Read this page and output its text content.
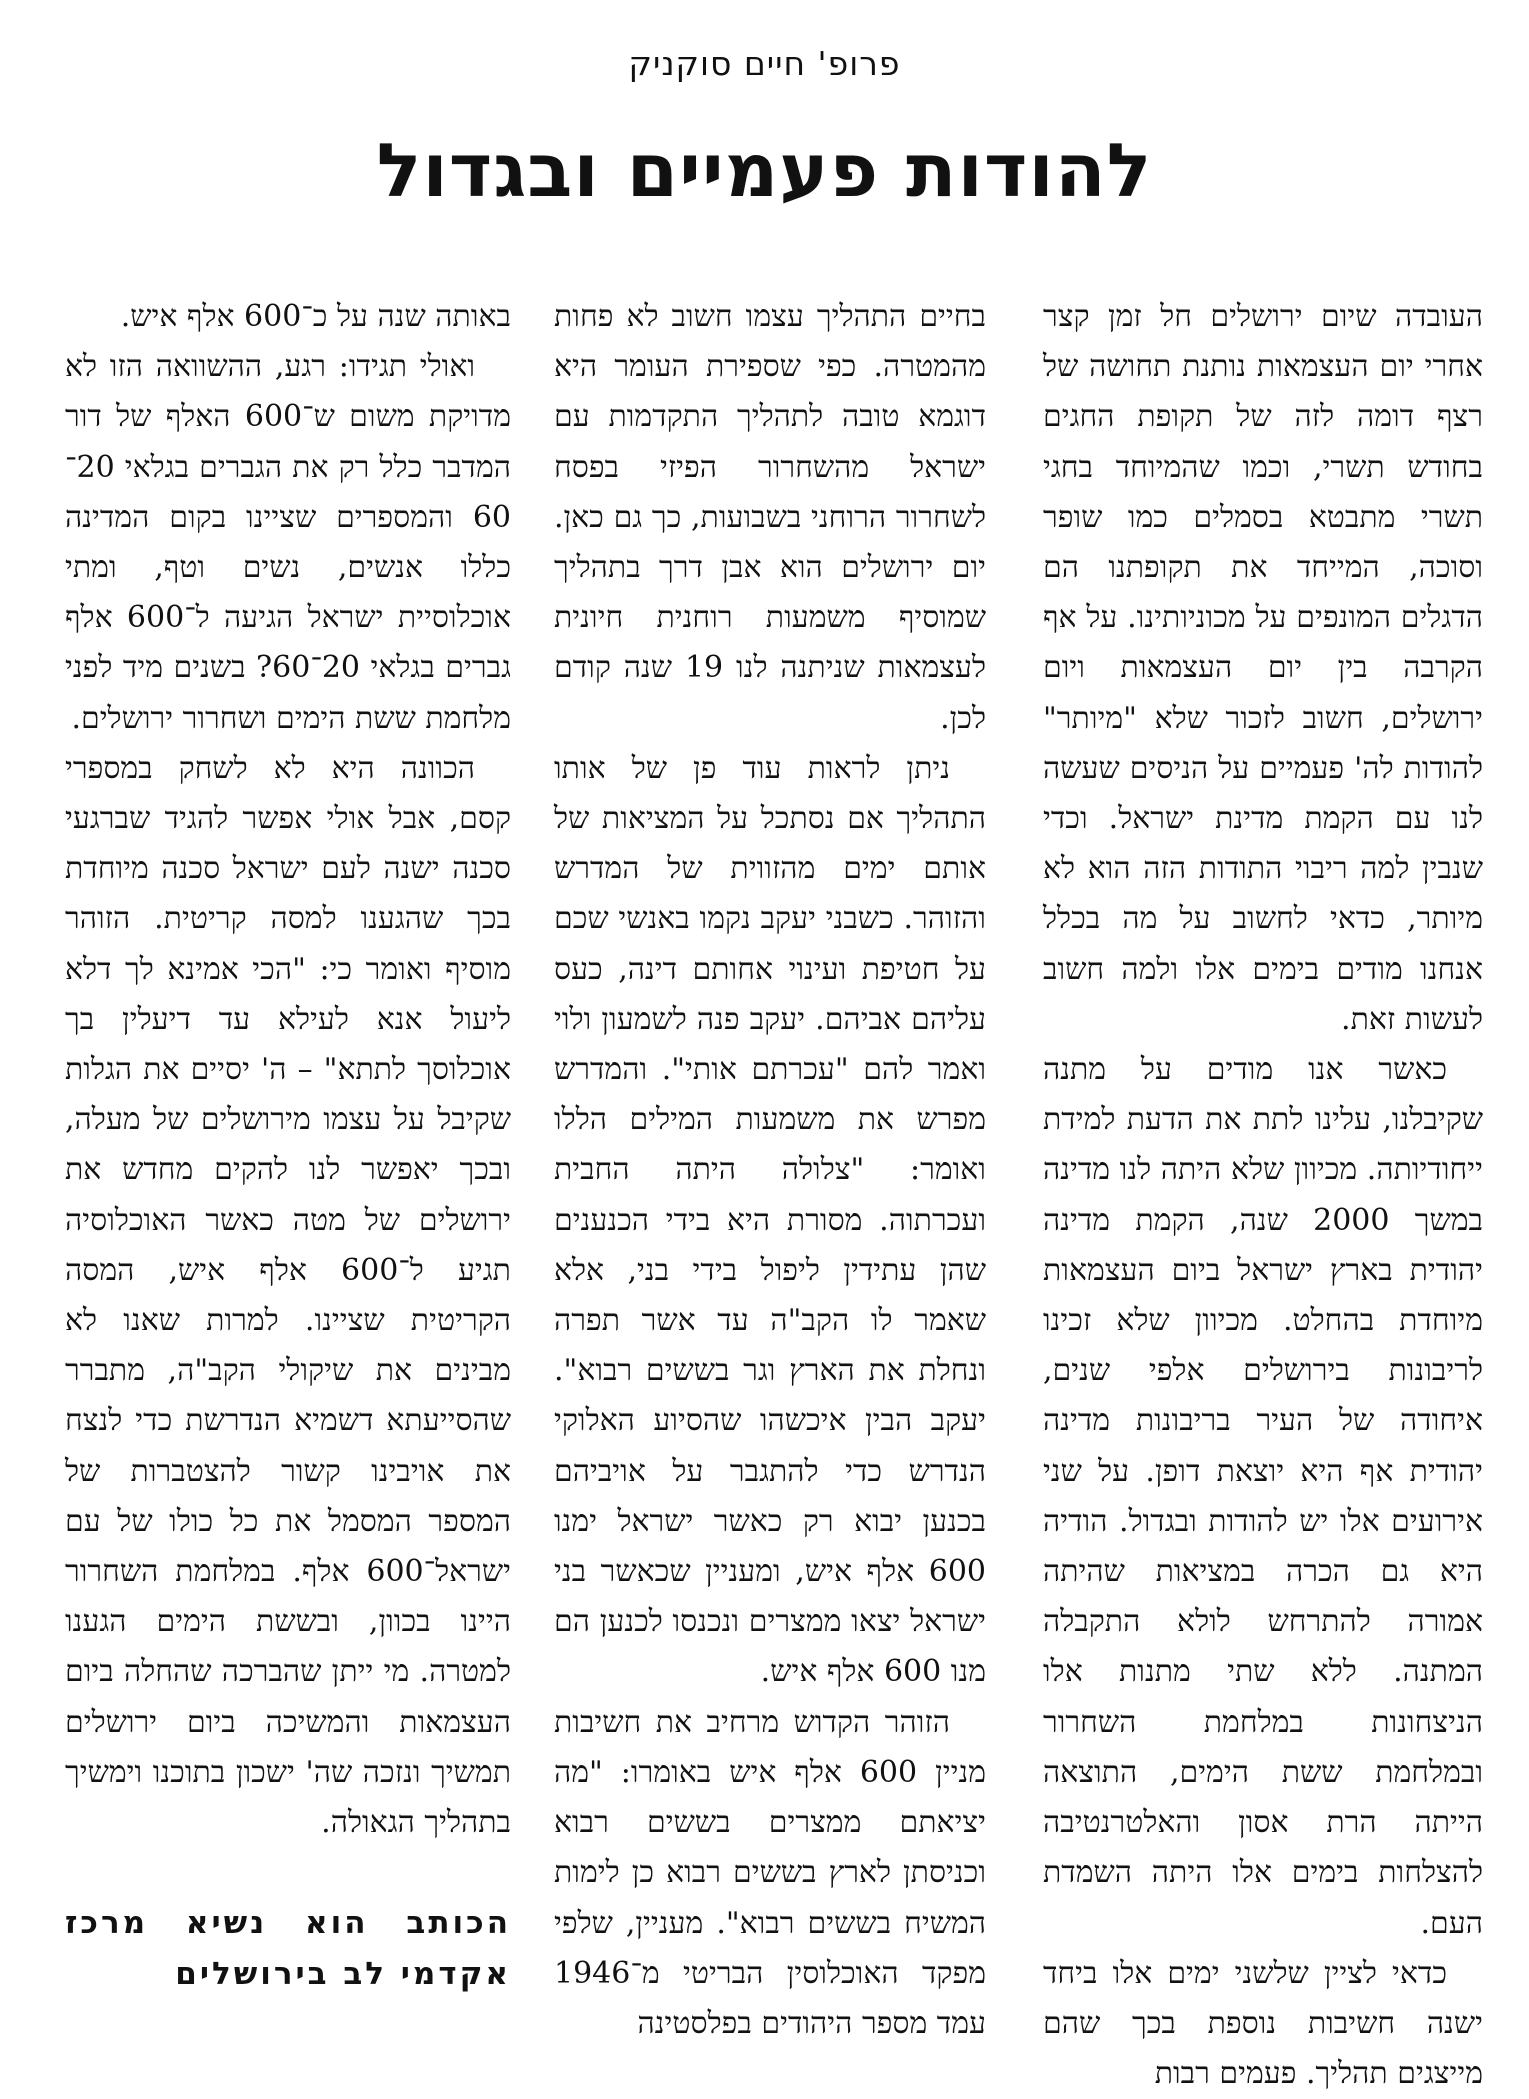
פרופ' חיים סוקניק
להודות פעמיים ובגדול

העובדה שיום ירושלים חל זמן קצר אחרי יום העצמאות נותנת תחושה של רצף דומה לזה של תקופת החגים בחודש תשרי, וכמו שהמיוחד בחגי תשרי מתבטא בסמלים כמו שופר וסוכה, המייחד את תקופתנו הם הדגלים המונפים על מכוניותינו. על אף הקרבה בין יום העצמאות ויום ירושלים, חשוב לזכור שלא "מיותר" להודות לה' פעמיים על הניסים שעשה לנו עם הקמת מדינת ישראל. וכדי שנבין למה ריבוי התודות הזה הוא לא מיותר, כדאי לחשוב על מה בכלל אנחנו מודים בימים אלו ולמה חשוב לעשות זאת.

כאשר אנו מודים על מתנה שקיבלנו, עלינו לתת את הדעת למידת ייחודיותה. מכיוון שלא היתה לנו מדינה במשך 2000 שנה, הקמת מדינה יהודית בארץ ישראל ביום העצמאות מיוחדת בהחלט. מכיוון שלא זכינו לריבונות בירושלים אלפי שנים, איחודה של העיר בריבונות מדינה יהודית אף היא יוצאת דופן. על שני אירועים אלו יש להודות ובגדול. הודיה היא גם הכרה במציאות שהיתה אמורה להתרחש לולא התקבלה המתנה. ללא שתי מתנות אלו הניצחונות במלחמת השחרור ובמלחמת ששת הימים, התוצאה הייתה הרת אסון והאלטרנטיבה להצלחות בימים אלו היתה השמדת העם.

כדאי לציין שלשני ימים אלו ביחד ישנה חשיבות נוספת בכך שהם מייצגים תהליך. פעמים רבות

בחיים התהליך עצמו חשוב לא פחות מהמטרה. כפי שספירת העומר היא דוגמא טובה לתהליך התקדמות עם ישראל מהשחרור הפיזי בפסח לשחרור הרוחני בשבועות, כך גם כאן. יום ירושלים הוא אבן דרך בתהליך שמוסיף משמעות רוחנית חיונית לעצמאות שניתנה לנו 19 שנה קודם לכן.

ניתן לראות עוד פן של אותו התהליך אם נסתכל על המציאות של אותם ימים מהזווית של המדרש והזוהר. כשבני יעקב נקמו באנשי שכם על חטיפת ועינוי אחותם דינה, כעס עליהם אביהם. יעקב פנה לשמעון ולוי ואמר להם "עכרתם אותי". והמדרש מפרש את משמעות המילים הללו ואומר: "צלולה היתה החבית ועכרתוה. מסורת היא בידי הכנענים שהן עתידין ליפול בידי בני, אלא שאמר לו הקב"ה עד אשר תפרה ונחלת את הארץ וגר בששים רבוא". יעקב הבין איכשהו שהסיוע האלוקי הנדרש כדי להתגבר על אויביהם בכנען יבוא רק כאשר ישראל ימנו 600 אלף איש, ומעניין שכאשר בני ישראל יצאו ממצרים ונכנסו לכנען הם מנו 600 אלף איש.

הזוהר הקדוש מרחיב את חשיבות מניין 600 אלף איש באומרו: "מה יציאתם ממצרים בששים רבוא וכניסתן לארץ בששים רבוא כן לימות המשיח בששים רבוא". מעניין, שלפי מפקד האוכלוסין הבריטי מ־1946 עמד מספר היהודים בפלסטינה

באותה שנה על כ־600 אלף איש.

ואולי תגידו: רגע, ההשוואה הזו לא מדויקת משום ש־600 האלף של דור המדבר כלל רק את הגברים בגלאי 20־60 והמספרים שציינו בקום המדינה כללו אנשים, נשים וטף, ומתי אוכלוסיית ישראל הגיעה ל־600 אלף גברים בגלאי 20־60? בשנים מיד לפני מלחמת ששת הימים ושחרור ירושלים.

הכוונה היא לא לשחק במספרי קסם, אבל אולי אפשר להגיד שברגעי סכנה ישנה לעם ישראל סכנה מיוחדת בכך שהגענו למסה קריטית. הזוהר מוסיף ואומר כי: "הכי אמינא לך דלא ליעול אנא לעילא עד דיעלין בך אוכלוסך לתתא" – ה' יסיים את הגלות שקיבל על עצמו מירושלים של מעלה, ובכך יאפשר לנו להקים מחדש את ירושלים של מטה כאשר האוכלוסיה תגיע ל־600 אלף איש, המסה הקריטית שציינו. למרות שאנו לא מבינים את שיקולי הקב"ה, מתברר שהסייעתא דשמיא הנדרשת כדי לנצח את אויבינו קשור להצטברות של המספר המסמל את כל כולו של עם ישראל־600 אלף. במלחמת השחרור היינו בכוון, ובששת הימים הגענו למטרה. מי ייתן שהברכה שהחלה ביום העצמאות והמשיכה ביום ירושלים תמשיך ונזכה שה' ישכון בתוכנו וימשיך בתהליך הגאולה.

הכותב הוא נשיא מרכז אקדמי לב בירושלים
